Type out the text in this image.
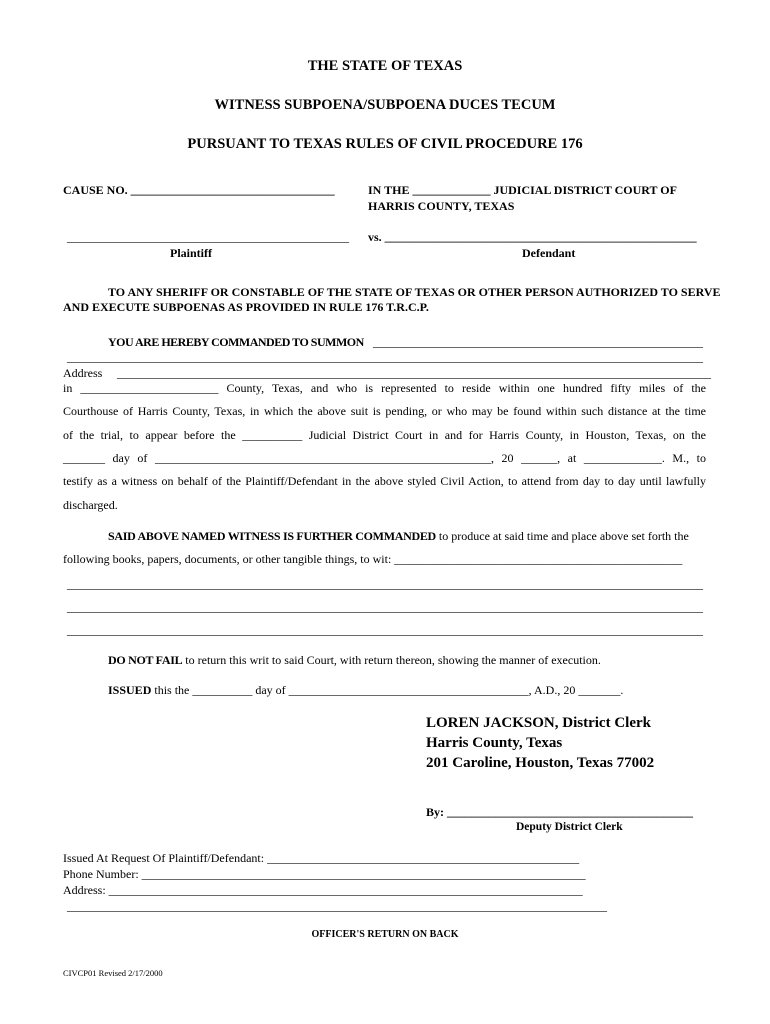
THE STATE OF TEXAS
WITNESS SUBPOENA/SUBPOENA DUCES TECUM
PURSUANT TO TEXAS RULES OF CIVIL PROCEDURE 176
CAUSE NO. __________________________________	IN THE _____________ JUDICIAL DISTRICT COURT OF
HARRIS COUNTY, TEXAS
_______________________________________________ vs. ____________________________________________________
Plaintiff	Defendant
TO ANY SHERIFF OR CONSTABLE OF THE STATE OF TEXAS OR OTHER PERSON AUTHORIZED TO SERVE
AND EXECUTE SUBPOENAS AS PROVIDED IN RULE 176 T.R.C.P.
YOU ARE HEREBY COMMANDED TO SUMMON _______________________________________________________
__________________________________________________________________________________________________________
Address ___________________________________________________________________________________________________
in _______________________ County, Texas, and who is represented to reside within one hundred fifty miles of the
Courthouse of Harris County, Texas, in which the above suit is pending, or who may be found within such distance at the time
of the trial, to appear before the __________ Judicial District Court in and for Harris County, in Houston, Texas, on the
_______ day of ________________________________________________________, 20 ______, at _____________. M., to
testify as a witness on behalf of the Plaintiff/Defendant in the above styled Civil Action, to attend from day to day until lawfully
discharged.
SAID ABOVE NAMED WITNESS IS FURTHER COMMANDED to produce at said time and place above set forth the
following books, papers, documents, or other tangible things, to wit: ________________________________________________
__________________________________________________________________________________________________________
__________________________________________________________________________________________________________
__________________________________________________________________________________________________________
DO NOT FAIL to return this writ to said Court, with return thereon, showing the manner of execution.
ISSUED this the __________ day of ________________________________________, A.D., 20 _______.
LOREN JACKSON, District Clerk
Harris County, Texas
201 Caroline, Houston, Texas 77002
By: _________________________________________
Deputy District Clerk
Issued At Request Of Plaintiff/Defendant: ____________________________________________________
Phone Number: __________________________________________________________________________
Address: _______________________________________________________________________________
__________________________________________________________________________________________
OFFICER'S RETURN ON BACK
CIVCP01 Revised 2/17/2000
